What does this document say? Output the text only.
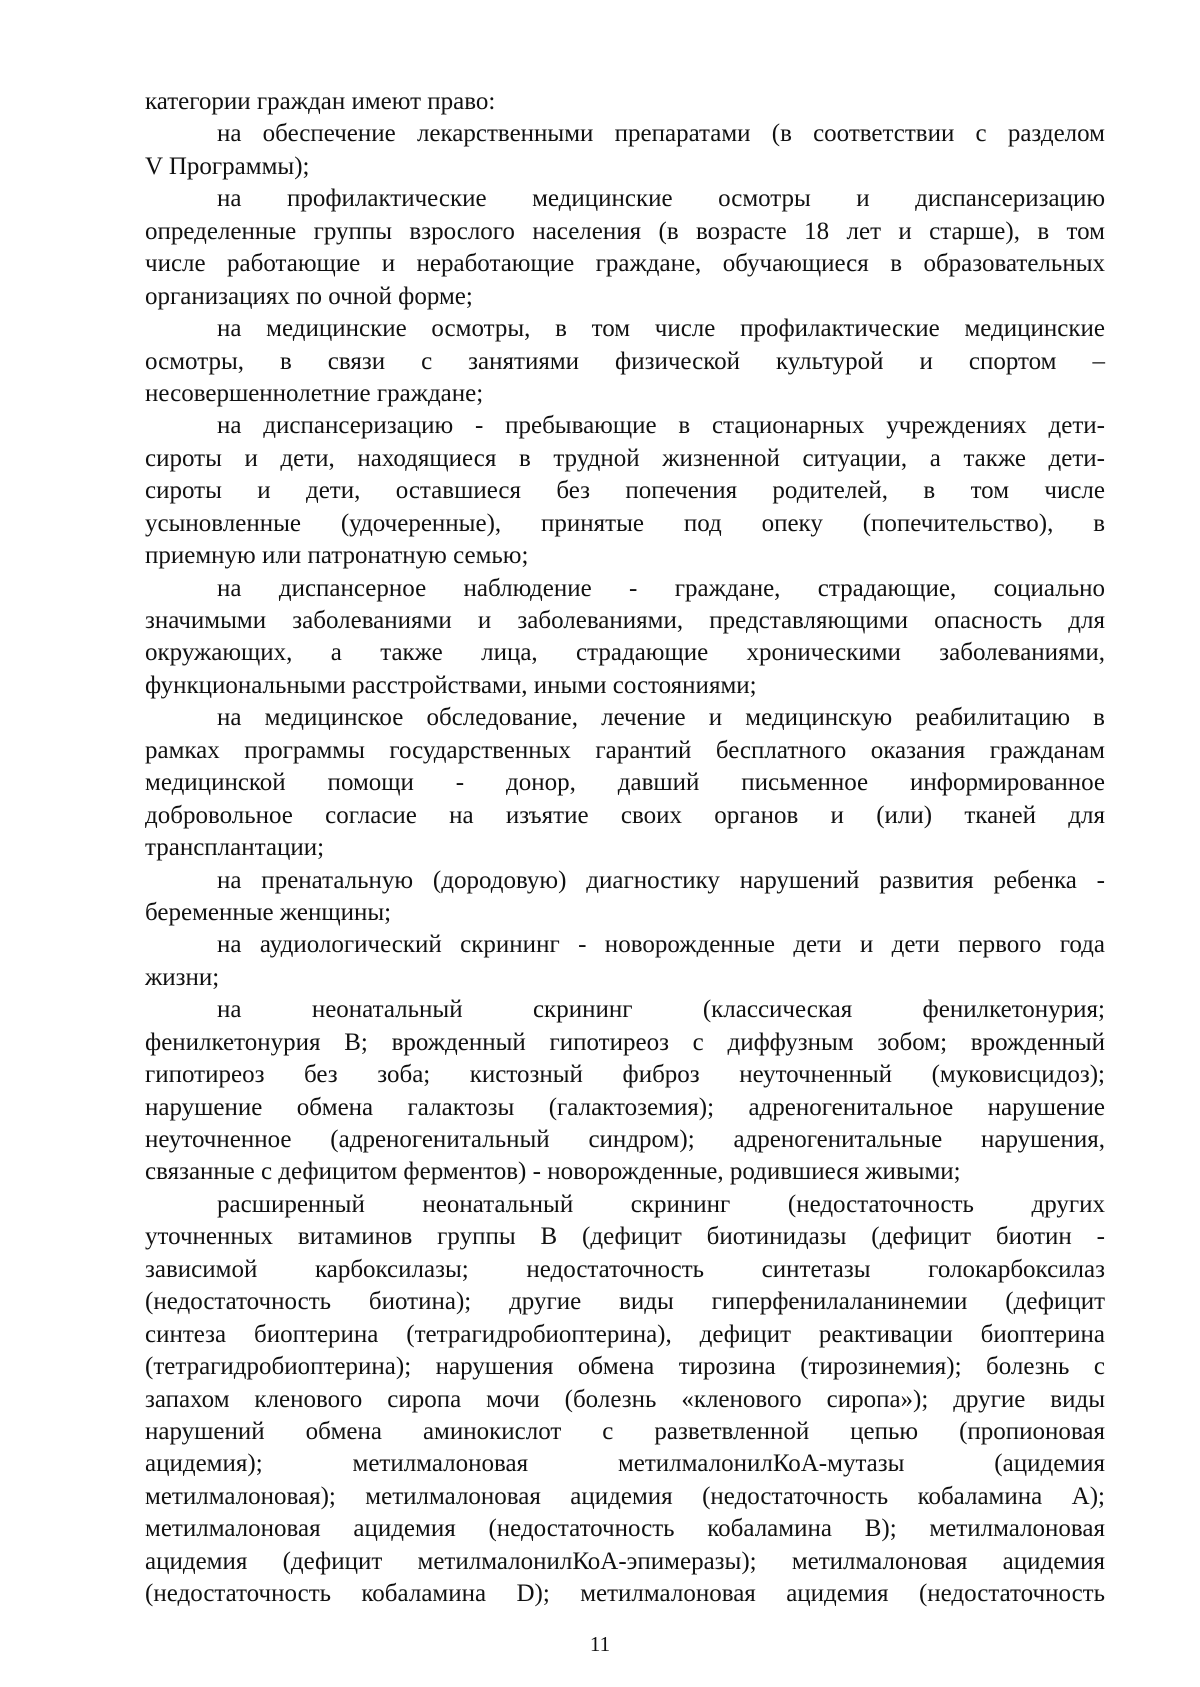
категории граждан имеют право:
на обеспечение лекарственными препаратами (в соответствии с разделом
V Программы);
на профилактические медицинские осмотры и диспансеризацию
определенные группы взрослого населения (в возрасте 18 лет и старше), в том
числе работающие и неработающие граждане, обучающиеся в образовательных
организациях по очной форме;
на медицинские осмотры, в том числе профилактические медицинские
осмотры, в связи с занятиями физической культурой и спортом –
несовершеннолетние граждане;
на диспансеризацию - пребывающие в стационарных учреждениях дети-
сироты и дети, находящиеся в трудной жизненной ситуации, а также дети-
сироты и дети, оставшиеся без попечения родителей, в том числе
усыновленные (удочеренные), принятые под опеку (попечительство), в
приемную или патронатную семью;
на диспансерное наблюдение - граждане, страдающие, социально
значимыми заболеваниями и заболеваниями, представляющими опасность для
окружающих, а также лица, страдающие хроническими заболеваниями,
функциональными расстройствами, иными состояниями;
на медицинское обследование, лечение и медицинскую реабилитацию в
рамках программы государственных гарантий бесплатного оказания гражданам
медицинской помощи - донор, давший письменное информированное
добровольное согласие на изъятие своих органов и (или) тканей для
трансплантации;
на пренатальную (дородовую) диагностику нарушений развития ребенка -
беременные женщины;
на аудиологический скрининг - новорожденные дети и дети первого года
жизни;
на неонатальный скрининг (классическая фенилкетонурия;
фенилкетонурия В; врожденный гипотиреоз с диффузным зобом; врожденный
гипотиреоз без зоба; кистозный фиброз неуточненный (муковисцидоз);
нарушение обмена галактозы (галактоземия); адреногенитальное нарушение
неуточненное (адреногенитальный синдром); адреногенитальные нарушения,
связанные с дефицитом ферментов) - новорожденные, родившиеся живыми;
расширенный неонатальный скрининг (недостаточность других
уточненных витаминов группы В (дефицит биотинидазы (дефицит биотин -
зависимой карбоксилазы; недостаточность синтетазы голокарбоксилаз
(недостаточность биотина); другие виды гиперфенилаланинемии (дефицит
синтеза биоптерина (тетрагидробиоптерина), дефицит реактивации биоптерина
(тетрагидробиоптерина); нарушения обмена тирозина (тирозинемия); болезнь с
запахом кленового сиропа мочи (болезнь «кленового сиропа»); другие виды
нарушений обмена аминокислот с разветвленной цепью (пропионовая
ацидемия); метилмалоновая метилмалонилКоА-мутазы (ацидемия
метилмалоновая); метилмалоновая ацидемия (недостаточность кобаламина А);
метилмалоновая ацидемия (недостаточность кобаламина В); метилмалоновая
ацидемия (дефицит метилмалонилКоА-эпимеразы); метилмалоновая ацидемия
(недостаточность кобаламина D); метилмалоновая ацидемия (недостаточность
11
